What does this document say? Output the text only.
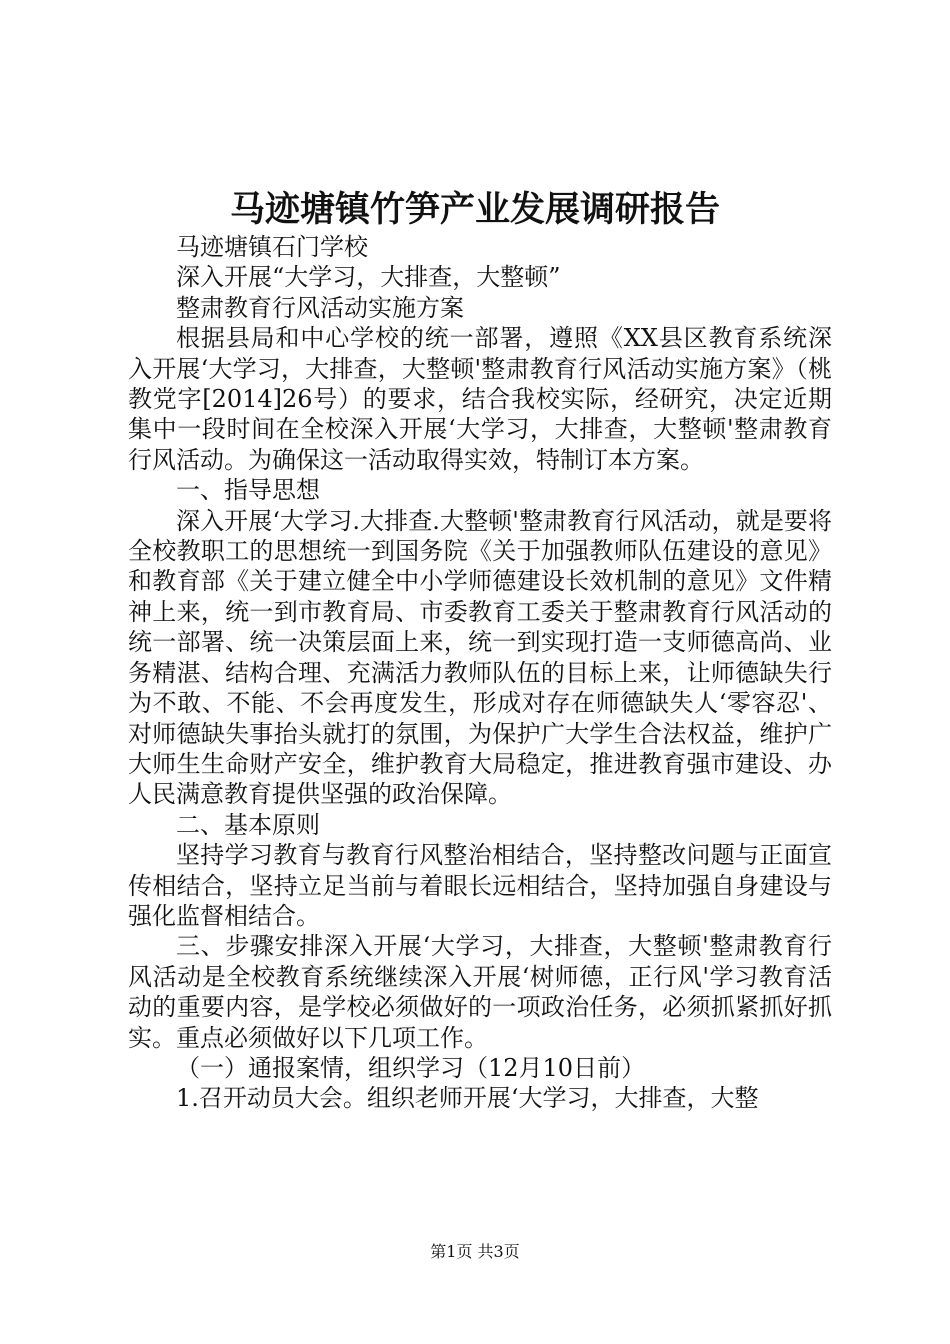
马迹塘镇竹笋产业发展调研报告

马迹塘镇石门学校

深入开展“大学习，大排查，大整顿”

整肃教育行风活动实施方案

根据县局和中心学校的统一部署，遵照《XX县区教育系统深入开展‘大学习，大排查，大整顿'整肃教育行风活动实施方案》（桃教党字[2014]26号）的要求，结合我校实际，经研究，决定近期集中一段时间在全校深入开展‘大学习，大排查，大整顿'整肃教育行风活动。为确保这一活动取得实效，特制订本方案。

一、指导思想

深入开展‘大学习.大排查.大整顿'整肃教育行风活动，就是要将全校教职工的思想统一到国务院《关于加强教师队伍建设的意见》和教育部《关于建立健全中小学师德建设长效机制的意见》文件精神上来，统一到市教育局、市委教育工委关于整肃教育行风活动的统一部署、统一决策层面上来，统一到实现打造一支师德高尚、业务精湛、结构合理、充满活力教师队伍的目标上来，让师德缺失行为不敢、不能、不会再度发生，形成对存在师德缺失人‘零容忍'、对师德缺失事抬头就打的氛围，为保护广大学生合法权益，维护广大师生生命财产安全，维护教育大局稳定，推进教育强市建设、办人民满意教育提供坚强的政治保障。

二、基本原则

坚持学习教育与教育行风整治相结合，坚持整改问题与正面宣传相结合，坚持立足当前与着眼长远相结合，坚持加强自身建设与强化监督相结合。

三、步骤安排深入开展‘大学习，大排查，大整顿'整肃教育行风活动是全校教育系统继续深入开展‘树师德，正行风'学习教育活动的重要内容，是学校必须做好的一项政治任务，必须抓紧抓好抓实。重点必须做好以下几项工作。

（一）通报案情，组织学习（12月10日前）

1.召开动员大会。组织老师开展‘大学习，大排查，大整

第1页 共3页
